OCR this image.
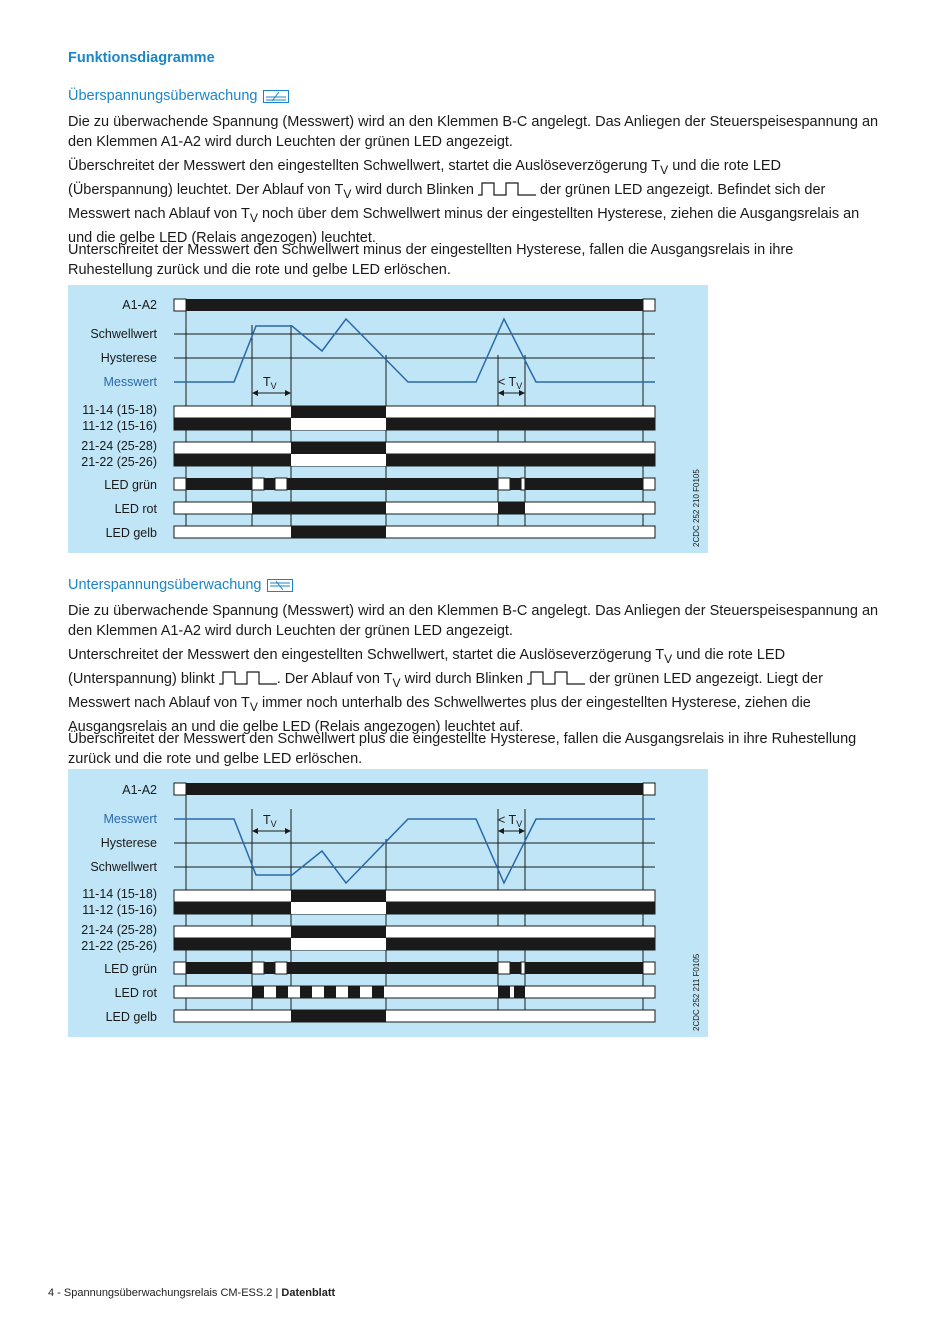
Funktionsdiagramme
Überspannungsüberwachung

Die zu überwachende Spannung (Messwert) wird an den Klemmen B-C angelegt. Das Anliegen der Steuerspeisespannung an den Klemmen A1-A2 wird durch Leuchten der grünen LED angezeigt.

Überschreitet der Messwert den eingestellten Schwellwert, startet die Auslöseverzögerung $T_V$ und die rote LED (Überspannung) leuchtet. Der Ablauf von $T_V$ wird durch Blinken	der grünen LED angezeigt. Befindet sich der Messwert nach Ablauf von $T_V$ noch über dem Schwellwert minus der eingestellten Hysterese, ziehen die Ausgangsrelais an und die gelbe LED (Relais angezogen) leuchtet.

Unterschreitet der Messwert den Schwellwert minus der eingestellten Hysterese, fallen die Ausgangsrelais in ihre Ruhestellung zurück und die rote und gelbe LED erlöschen.

A1-A2
Schwellwert
Hysterese
Messwert
11-14 (15-18)
11-12 (15-16)
21-24 (25-28)
21-22 (25-26)
LED grün
LED rot
LED gelb
$T_V$	< $T_V$
2CDC 252 210 F0105
Unterspannungsüberwachung

Die zu überwachende Spannung (Messwert) wird an den Klemmen B-C angelegt. Das Anliegen der Steuerspeisespannung an den Klemmen A1-A2 wird durch Leuchten der grünen LED angezeigt.

Unterschreitet der Messwert den eingestellten Schwellwert, startet die Auslöseverzögerung $T_V$ und die rote LED (Unterspannung) blinkt	. Der Ablauf von $T_V$ wird durch Blinken	der grünen LED angezeigt. Liegt der Messwert nach Ablauf von $T_V$ immer noch unterhalb des Schwellwertes plus der eingestellten Hysterese, ziehen die Ausgangsrelais an und die gelbe LED (Relais angezogen) leuchtet auf.

Überschreitet der Messwert den Schwellwert plus die eingestellte Hysterese, fallen die Ausgangsrelais in ihre Ruhestellung zurück und die rote und gelbe LED erlöschen.

A1-A2
Messwert
Hysterese
Schwellwert
11-14 (15-18)
11-12 (15-16)
21-24 (25-28)
21-22 (25-26)
LED grün
LED rot
LED gelb
$T_V$	< $T_V$
2CDC 252 211 F0105
4 - Spannungsüberwachungsrelais CM-ESS.2 | Datenblatt
